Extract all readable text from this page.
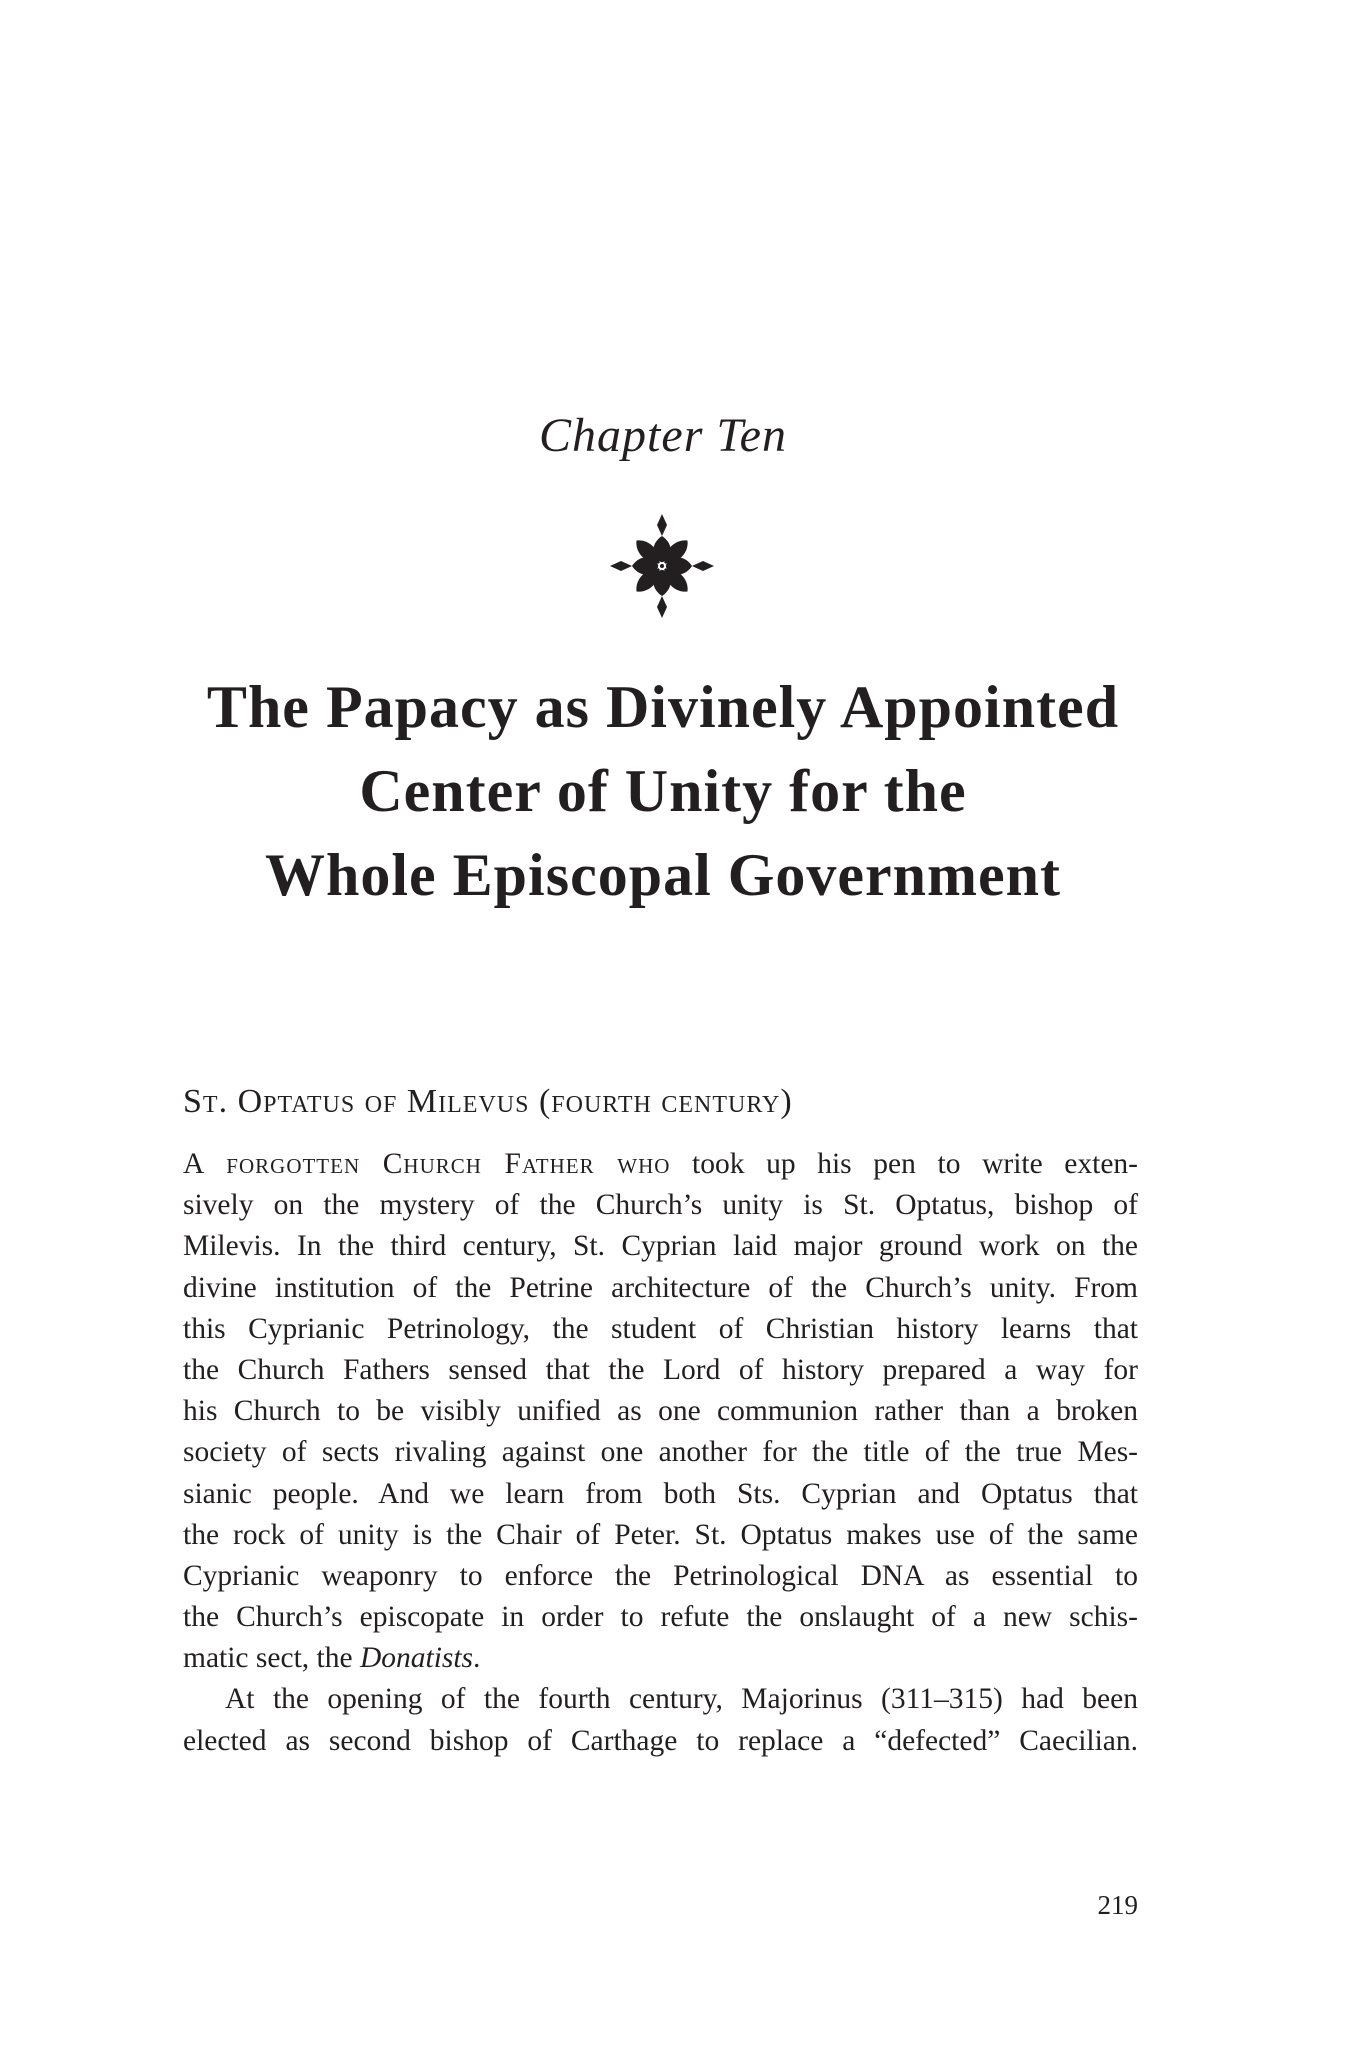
Chapter Ten
The Papacy as Divinely Appointed
Center of Unity for the
Whole Episcopal Government
St. Optatus of Milevus (fourth century)
A forgotten Church Father who took up his pen to write exten-
sively on the mystery of the Church’s unity is St. Optatus, bishop of
Milevis. In the third century, St. Cyprian laid major ground work on the
divine institution of the Petrine architecture of the Church’s unity. From
this Cyprianic Petrinology, the student of Christian history learns that
the Church Fathers sensed that the Lord of history prepared a way for
his Church to be visibly unified as one communion rather than a broken
society of sects rivaling against one another for the title of the true Mes-
sianic people. And we learn from both Sts. Cyprian and Optatus that
the rock of unity is the Chair of Peter. St. Optatus makes use of the same
Cyprianic weaponry to enforce the Petrinological DNA as essential to
the Church’s episcopate in order to refute the onslaught of a new schis-
matic sect, the Donatists.
At the opening of the fourth century, Majorinus (311–315) had been
elected as second bishop of Carthage to replace a “defected” Caecilian.
219
